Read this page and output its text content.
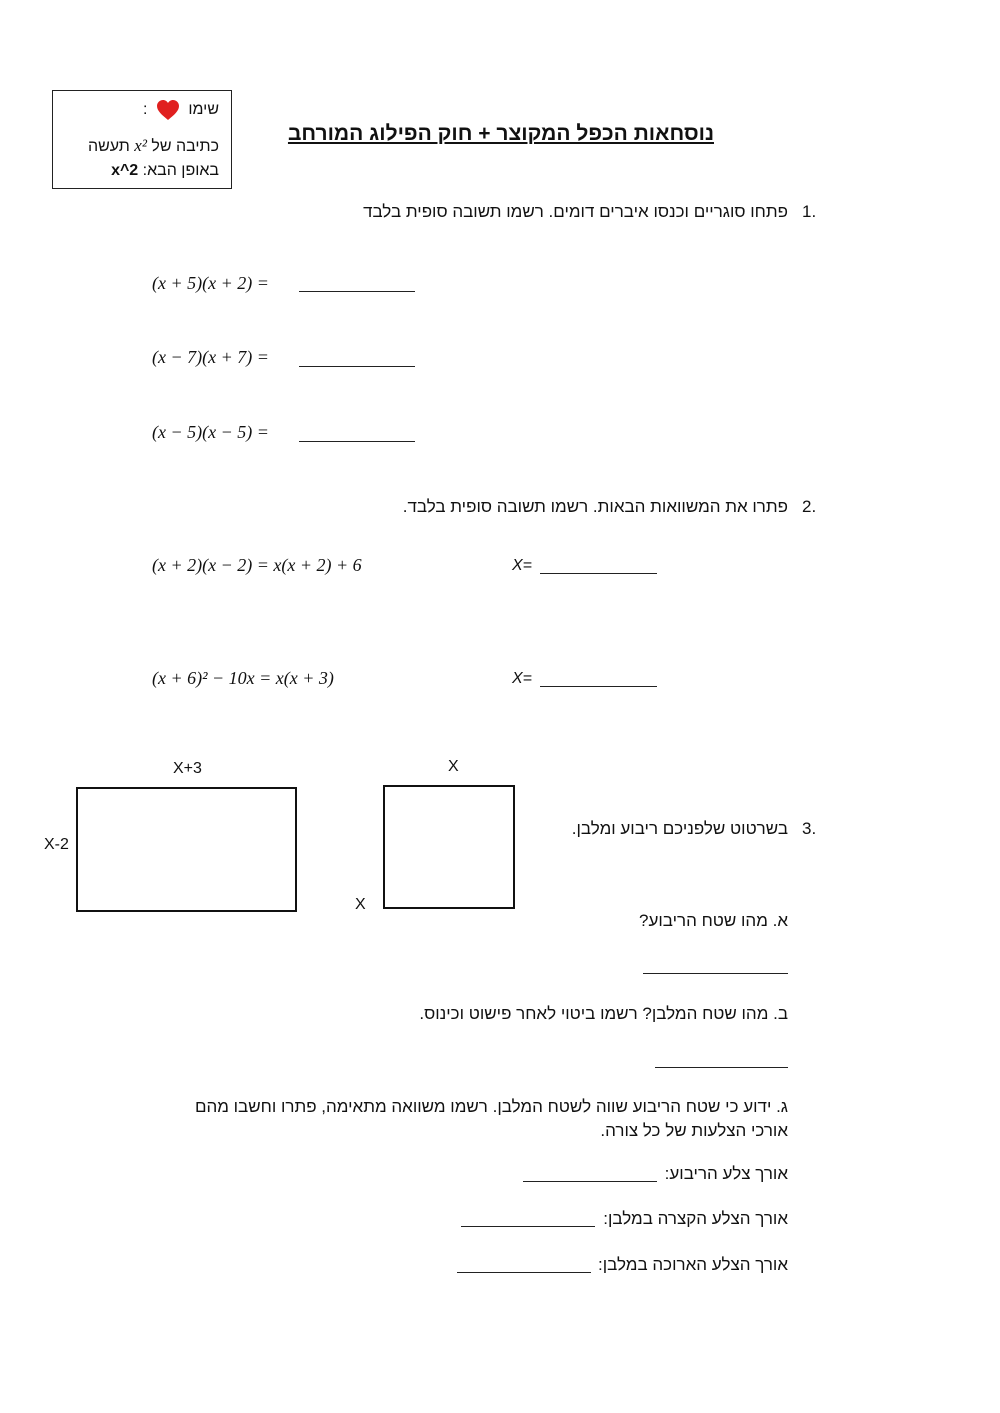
שימו  :
כתיבה של x² תעשה
באופן הבא: x^2
נוסחאות הכפל המקוצר + חוק הפילוג המורחב
1.
פתחו סוגריים וכנסו איברים דומים. רשמו תשובה סופית בלבד
(x + 5)(x + 2) =
(x − 7)(x + 7) =
(x − 5)(x − 5) =
2.
פתרו את המשוואות הבאות. רשמו תשובה סופית בלבד.
(x + 2)(x − 2) = x(x + 2) + 6	X=
(x + 6)² − 10x = x(x + 3)	X=
3.
בשרטוט שלפניכם ריבוע ומלבן.
X+3
X-2
X
X
א. מהו שטח הריבוע?
ב. מהו שטח המלבן? רשמו ביטוי לאחר פישוט וכינוס.
ג. ידוע כי שטח הריבוע שווה לשטח המלבן. רשמו משוואה מתאימה, פתרו וחשבו מהם אורכי הצלעות של כל צורה.
אורך צלע הריבוע:
אורך הצלע הקצרה במלבן:
אורך הצלע הארוכה במלבן:
